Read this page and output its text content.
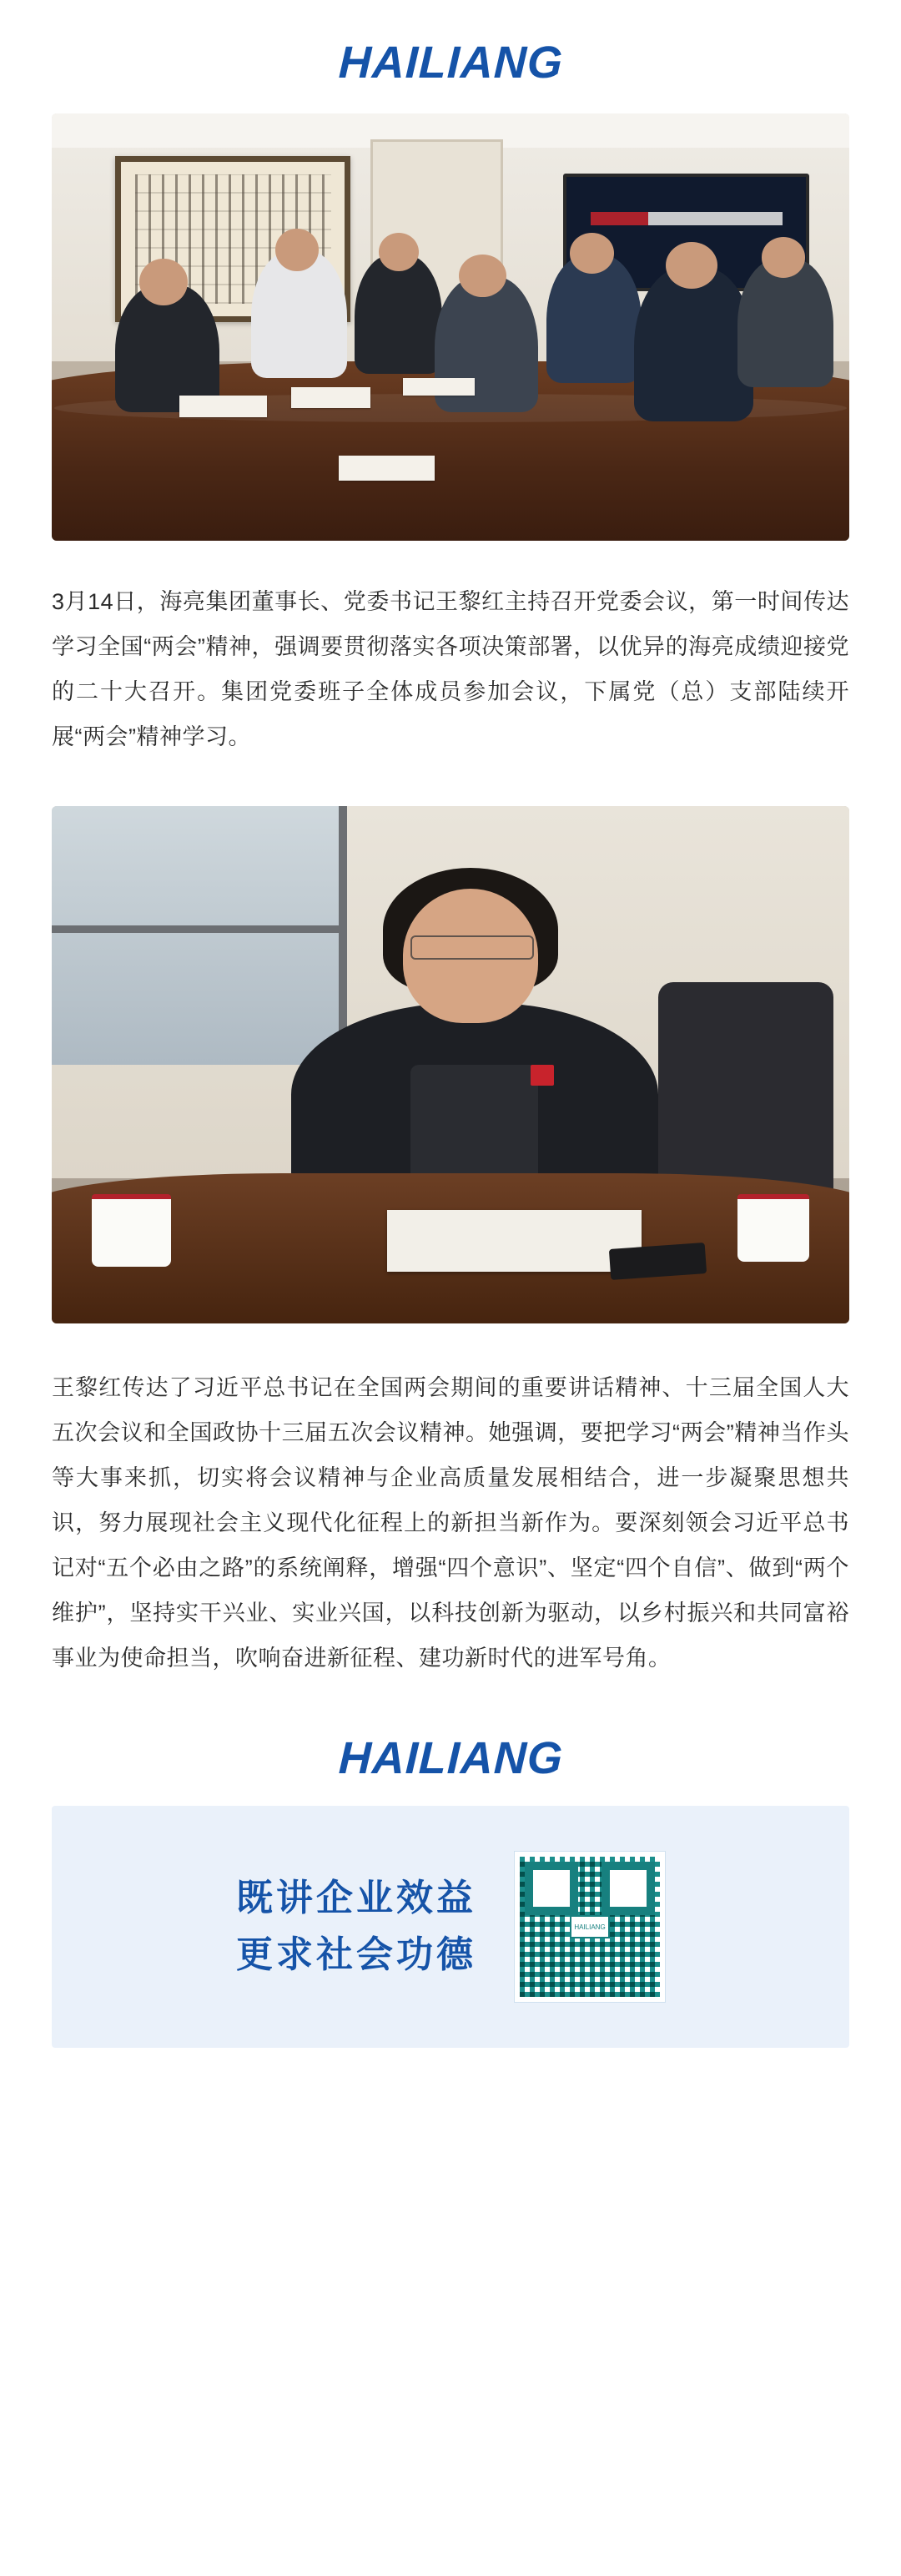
HAILIANG
3月14日，海亮集团董事长、党委书记王黎红主持召开党委会议，第一时间传达学习全国“两会”精神，强调要贯彻落实各项决策部署，以优异的海亮成绩迎接党的二十大召开。集团党委班子全体成员参加会议，下属党（总）支部陆续开展“两会”精神学习。
王黎红传达了习近平总书记在全国两会期间的重要讲话精神、十三届全国人大五次会议和全国政协十三届五次会议精神。她强调，要把学习“两会”精神当作头等大事来抓，切实将会议精神与企业高质量发展相结合，进一步凝聚思想共识，努力展现社会主义现代化征程上的新担当新作为。要深刻领会习近平总书记对“五个必由之路”的系统阐释，增强“四个意识”、坚定“四个自信”、做到“两个维护”，坚持实干兴业、实业兴国，以科技创新为驱动，以乡村振兴和共同富裕事业为使命担当，吹响奋进新征程、建功新时代的进军号角。
HAILIANG
既讲企业效益
更求社会功德
HAILIANG
